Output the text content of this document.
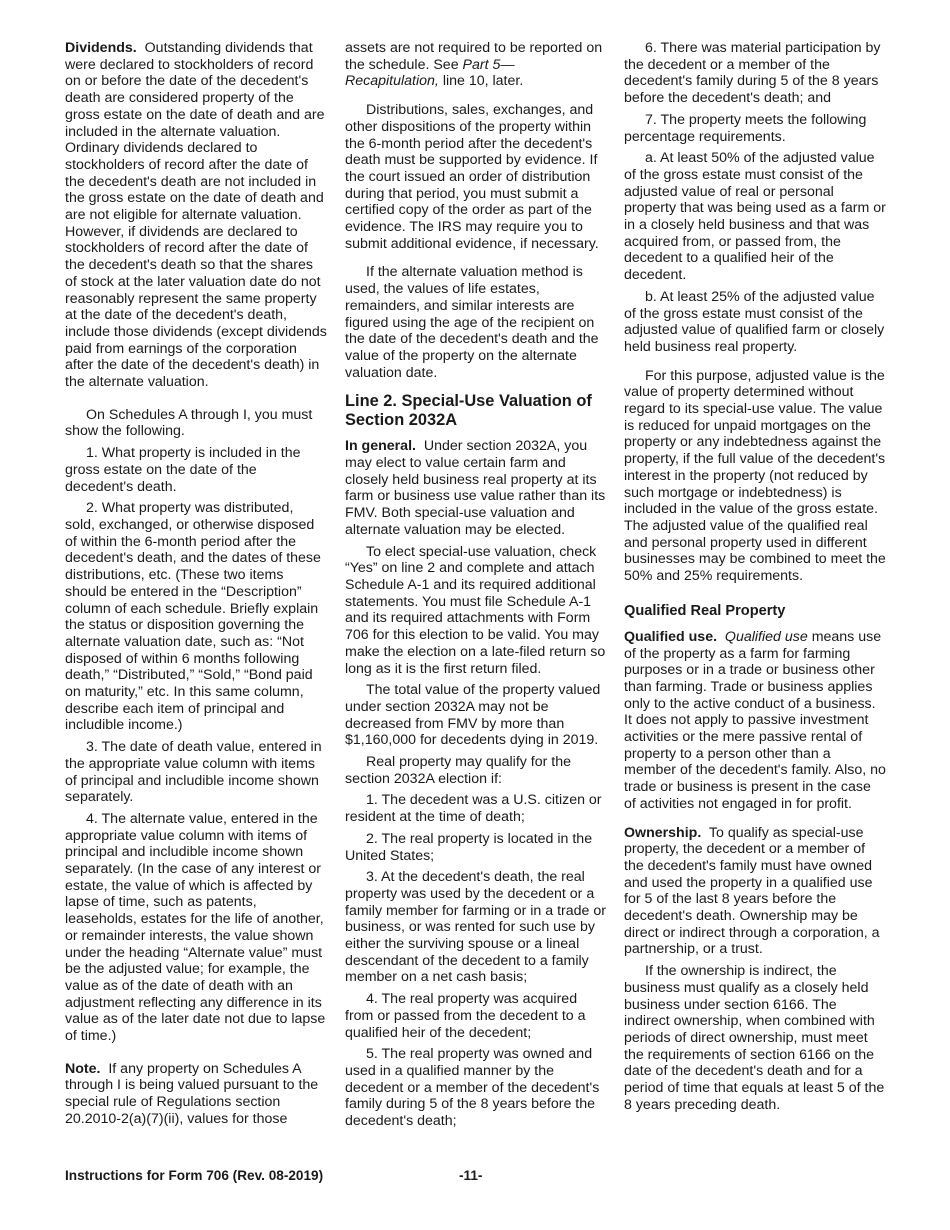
Dividends. Outstanding dividends that were declared to stockholders of record on or before the date of the decedent's death are considered property of the gross estate on the date of death and are included in the alternate valuation. Ordinary dividends declared to stockholders of record after the date of the decedent's death are not included in the gross estate on the date of death and are not eligible for alternate valuation. However, if dividends are declared to stockholders of record after the date of the decedent's death so that the shares of stock at the later valuation date do not reasonably represent the same property at the date of the decedent's death, include those dividends (except dividends paid from earnings of the corporation after the date of the decedent's death) in the alternate valuation.

On Schedules A through I, you must show the following.

1. What property is included in the gross estate on the date of the decedent's death.

2. What property was distributed, sold, exchanged, or otherwise disposed of within the 6-month period after the decedent's death, and the dates of these distributions, etc. (These two items should be entered in the “Description” column of each schedule. Briefly explain the status or disposition governing the alternate valuation date, such as: “Not disposed of within 6 months following death,” “Distributed,” “Sold,” “Bond paid on maturity,” etc. In this same column, describe each item of principal and includible income.)

3. The date of death value, entered in the appropriate value column with items of principal and includible income shown separately.

4. The alternate value, entered in the appropriate value column with items of principal and includible income shown separately. (In the case of any interest or estate, the value of which is affected by lapse of time, such as patents, leaseholds, estates for the life of another, or remainder interests, the value shown under the heading “Alternate value” must be the adjusted value; for example, the value as of the date of death with an adjustment reflecting any difference in its value as of the later date not due to lapse of time.)

Note. If any property on Schedules A through I is being valued pursuant to the special rule of Regulations section 20.2010-2(a)(7)(ii), values for those

assets are not required to be reported on the schedule. See Part 5—Recapitulation, line 10, later.

Distributions, sales, exchanges, and other dispositions of the property within the 6-month period after the decedent's death must be supported by evidence. If the court issued an order of distribution during that period, you must submit a certified copy of the order as part of the evidence. The IRS may require you to submit additional evidence, if necessary.

If the alternate valuation method is used, the values of life estates, remainders, and similar interests are figured using the age of the recipient on the date of the decedent's death and the value of the property on the alternate valuation date.

Line 2. Special-Use Valuation of Section 2032A

In general. Under section 2032A, you may elect to value certain farm and closely held business real property at its farm or business use value rather than its FMV. Both special-use valuation and alternate valuation may be elected.

To elect special-use valuation, check “Yes” on line 2 and complete and attach Schedule A-1 and its required additional statements. You must file Schedule A-1 and its required attachments with Form 706 for this election to be valid. You may make the election on a late-filed return so long as it is the first return filed.

The total value of the property valued under section 2032A may not be decreased from FMV by more than $1,160,000 for decedents dying in 2019.

Real property may qualify for the section 2032A election if:

1. The decedent was a U.S. citizen or resident at the time of death;

2. The real property is located in the United States;

3. At the decedent's death, the real property was used by the decedent or a family member for farming or in a trade or business, or was rented for such use by either the surviving spouse or a lineal descendant of the decedent to a family member on a net cash basis;

4. The real property was acquired from or passed from the decedent to a qualified heir of the decedent;

5. The real property was owned and used in a qualified manner by the decedent or a member of the decedent's family during 5 of the 8 years before the decedent's death;

6. There was material participation by the decedent or a member of the decedent's family during 5 of the 8 years before the decedent's death; and

7. The property meets the following percentage requirements.

a. At least 50% of the adjusted value of the gross estate must consist of the adjusted value of real or personal property that was being used as a farm or in a closely held business and that was acquired from, or passed from, the decedent to a qualified heir of the decedent.

b. At least 25% of the adjusted value of the gross estate must consist of the adjusted value of qualified farm or closely held business real property.

For this purpose, adjusted value is the value of property determined without regard to its special-use value. The value is reduced for unpaid mortgages on the property or any indebtedness against the property, if the full value of the decedent's interest in the property (not reduced by such mortgage or indebtedness) is included in the value of the gross estate. The adjusted value of the qualified real and personal property used in different businesses may be combined to meet the 50% and 25% requirements.

Qualified Real Property

Qualified use. Qualified use means use of the property as a farm for farming purposes or in a trade or business other than farming. Trade or business applies only to the active conduct of a business. It does not apply to passive investment activities or the mere passive rental of property to a person other than a member of the decedent's family. Also, no trade or business is present in the case of activities not engaged in for profit.

Ownership. To qualify as special-use property, the decedent or a member of the decedent's family must have owned and used the property in a qualified use for 5 of the last 8 years before the decedent's death. Ownership may be direct or indirect through a corporation, a partnership, or a trust.

If the ownership is indirect, the business must qualify as a closely held business under section 6166. The indirect ownership, when combined with periods of direct ownership, must meet the requirements of section 6166 on the date of the decedent's death and for a period of time that equals at least 5 of the 8 years preceding death.

Instructions for Form 706 (Rev. 08-2019)	-11-
